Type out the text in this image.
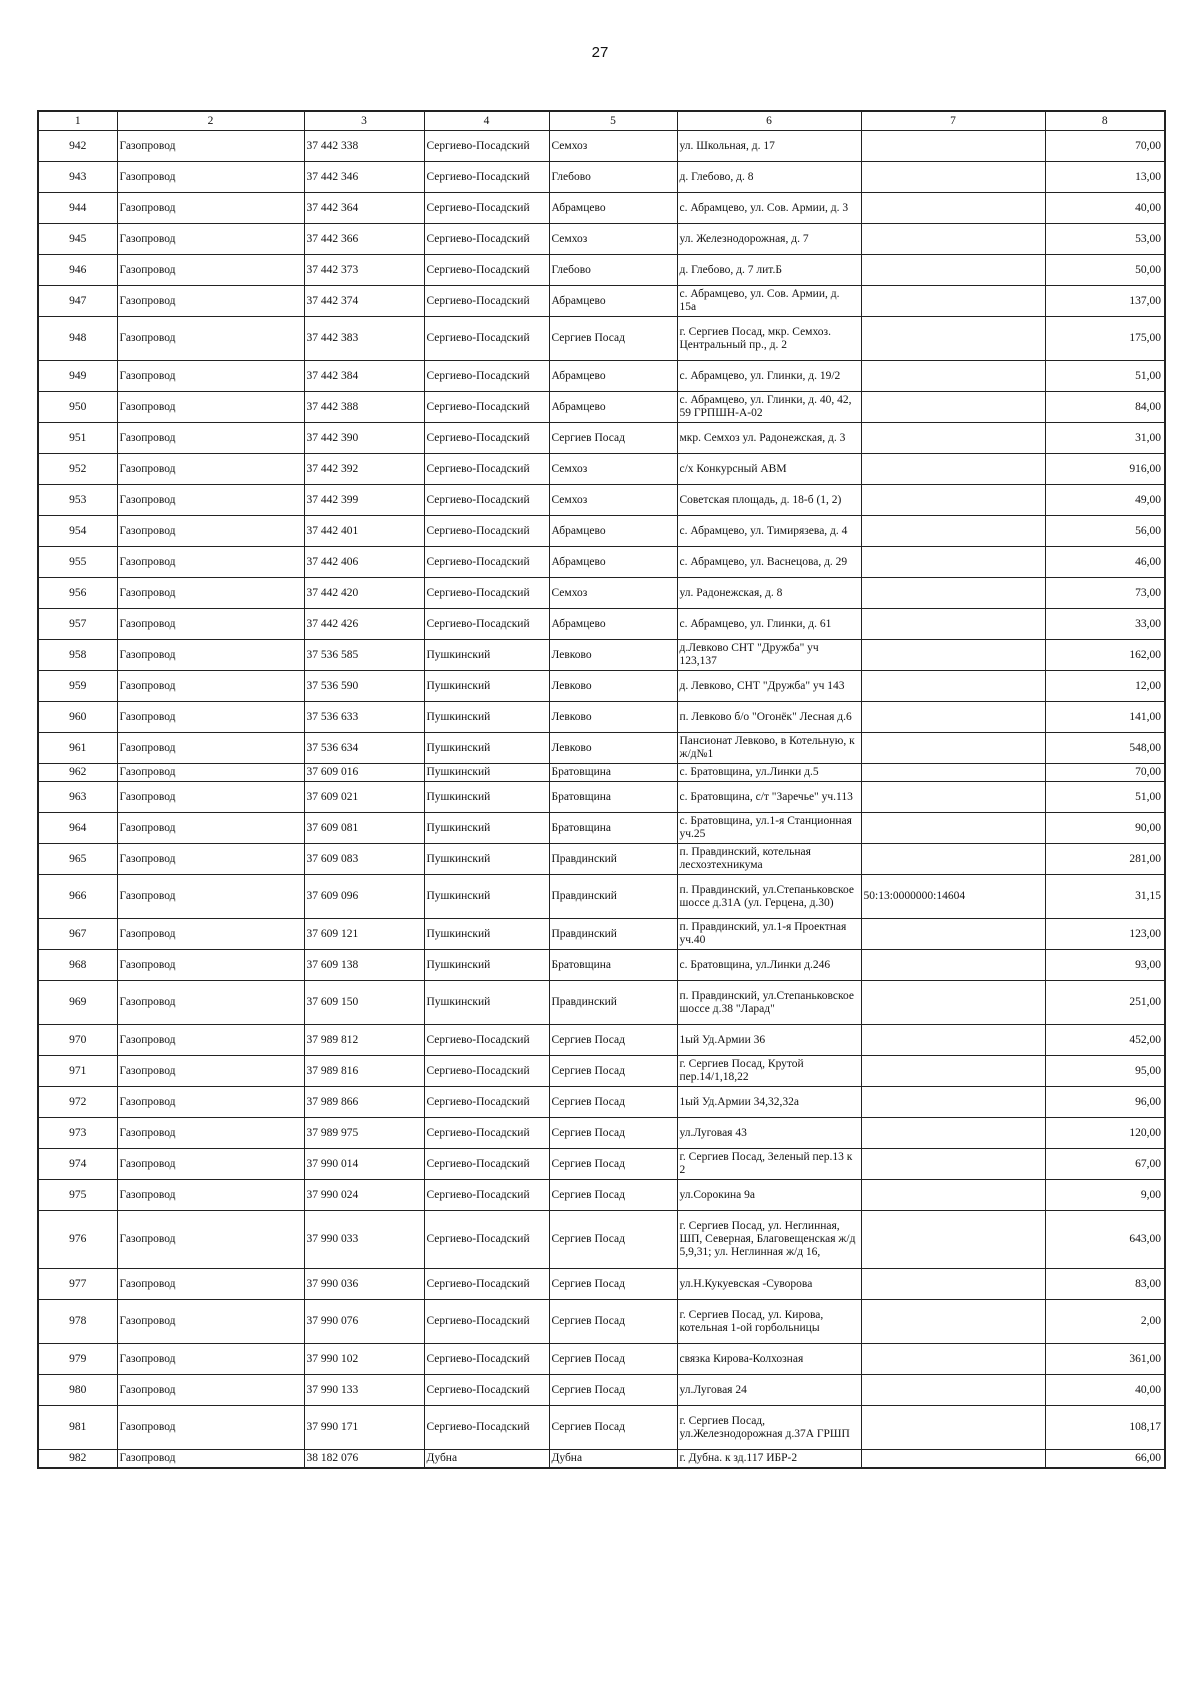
27
1	2	3	4	5	6	7	8
942	Газопровод	37 442 338	Сергиево-Посадский	Семхоз	ул. Школьная, д. 17		70,00
943	Газопровод	37 442 346	Сергиево-Посадский	Глебово	д. Глебово, д. 8		13,00
944	Газопровод	37 442 364	Сергиево-Посадский	Абрамцево	с. Абрамцево, ул. Сов. Армии, д. 3		40,00
945	Газопровод	37 442 366	Сергиево-Посадский	Семхоз	ул. Железнодорожная, д. 7		53,00
946	Газопровод	37 442 373	Сергиево-Посадский	Глебово	д. Глебово, д. 7 лит.Б		50,00
947	Газопровод	37 442 374	Сергиево-Посадский	Абрамцево	с. Абрамцево, ул. Сов. Армии, д. 15а		137,00
948	Газопровод	37 442 383	Сергиево-Посадский	Сергиев Посад	г. Сергиев Посад, мкр. Семхоз. Центральный пр., д. 2		175,00
949	Газопровод	37 442 384	Сергиево-Посадский	Абрамцево	с. Абрамцево, ул. Глинки, д. 19/2		51,00
950	Газопровод	37 442 388	Сергиево-Посадский	Абрамцево	с. Абрамцево, ул. Глинки, д. 40, 42, 59 ГРПШН-А-02		84,00
951	Газопровод	37 442 390	Сергиево-Посадский	Сергиев Посад	мкр. Семхоз ул. Радонежская, д. 3		31,00
952	Газопровод	37 442 392	Сергиево-Посадский	Семхоз	с/х Конкурсный АВМ		916,00
953	Газопровод	37 442 399	Сергиево-Посадский	Семхоз	Советская площадь, д. 18-б (1, 2)		49,00
954	Газопровод	37 442 401	Сергиево-Посадский	Абрамцево	с. Абрамцево, ул. Тимирязева, д. 4		56,00
955	Газопровод	37 442 406	Сергиево-Посадский	Абрамцево	с. Абрамцево, ул. Васнецова, д. 29		46,00
956	Газопровод	37 442 420	Сергиево-Посадский	Семхоз	ул. Радонежская, д. 8		73,00
957	Газопровод	37 442 426	Сергиево-Посадский	Абрамцево	с. Абрамцево, ул. Глинки, д. 61		33,00
958	Газопровод	37 536 585	Пушкинский	Левково	д.Левково СНТ "Дружба" уч 123,137		162,00
959	Газопровод	37 536 590	Пушкинский	Левково	д. Левково, СНТ "Дружба" уч 143		12,00
960	Газопровод	37 536 633	Пушкинский	Левково	п. Левково б/о "Огонёк" Лесная д.6		141,00
961	Газопровод	37 536 634	Пушкинский	Левково	Пансионат Левково, в Котельную, к ж/д№1		548,00
962	Газопровод	37 609 016	Пушкинский	Братовщина	с. Братовщина, ул.Линки д.5		70,00
963	Газопровод	37 609 021	Пушкинский	Братовщина	с. Братовщина, с/т "Заречье" уч.113		51,00
964	Газопровод	37 609 081	Пушкинский	Братовщина	с. Братовщина, ул.1-я Станционная уч.25		90,00
965	Газопровод	37 609 083	Пушкинский	Правдинский	п. Правдинский, котельная лесхозтехникума		281,00
966	Газопровод	37 609 096	Пушкинский	Правдинский	п. Правдинский, ул.Степаньковское шоссе д.31А (ул. Герцена, д.30)	50:13:0000000:14604	31,15
967	Газопровод	37 609 121	Пушкинский	Правдинский	п. Правдинский, ул.1-я Проектная уч.40		123,00
968	Газопровод	37 609 138	Пушкинский	Братовщина	с. Братовщина, ул.Линки д.246		93,00
969	Газопровод	37 609 150	Пушкинский	Правдинский	п. Правдинский, ул.Степаньковское шоссе д.38 "Ларад"		251,00
970	Газопровод	37 989 812	Сергиево-Посадский	Сергиев Посад	1ый Уд.Армии 36		452,00
971	Газопровод	37 989 816	Сергиево-Посадский	Сергиев Посад	г. Сергиев Посад, Крутой пер.14/1,18,22		95,00
972	Газопровод	37 989 866	Сергиево-Посадский	Сергиев Посад	1ый Уд.Армии 34,32,32а		96,00
973	Газопровод	37 989 975	Сергиево-Посадский	Сергиев Посад	ул.Луговая 43		120,00
974	Газопровод	37 990 014	Сергиево-Посадский	Сергиев Посад	г. Сергиев Посад, Зеленый пер.13 к 2		67,00
975	Газопровод	37 990 024	Сергиево-Посадский	Сергиев Посад	ул.Сорокина 9а		9,00
976	Газопровод	37 990 033	Сергиево-Посадский	Сергиев Посад	г. Сергиев Посад, ул. Неглинная, ШП, Северная, Благовещенская ж/д 5,9,31; ул. Неглинная ж/д 16,		643,00
977	Газопровод	37 990 036	Сергиево-Посадский	Сергиев Посад	ул.Н.Кукуевская -Суворова		83,00
978	Газопровод	37 990 076	Сергиево-Посадский	Сергиев Посад	г. Сергиев Посад, ул. Кирова, котельная 1-ой горбольницы		2,00
979	Газопровод	37 990 102	Сергиево-Посадский	Сергиев Посад	связка Кирова-Колхозная		361,00
980	Газопровод	37 990 133	Сергиево-Посадский	Сергиев Посад	ул.Луговая 24		40,00
981	Газопровод	37 990 171	Сергиево-Посадский	Сергиев Посад	г. Сергиев Посад, ул.Железнодорожная д.37А ГРШП		108,17
982	Газопровод	38 182 076	Дубна	Дубна	г. Дубна. к зд.117 ИБР-2		66,00
